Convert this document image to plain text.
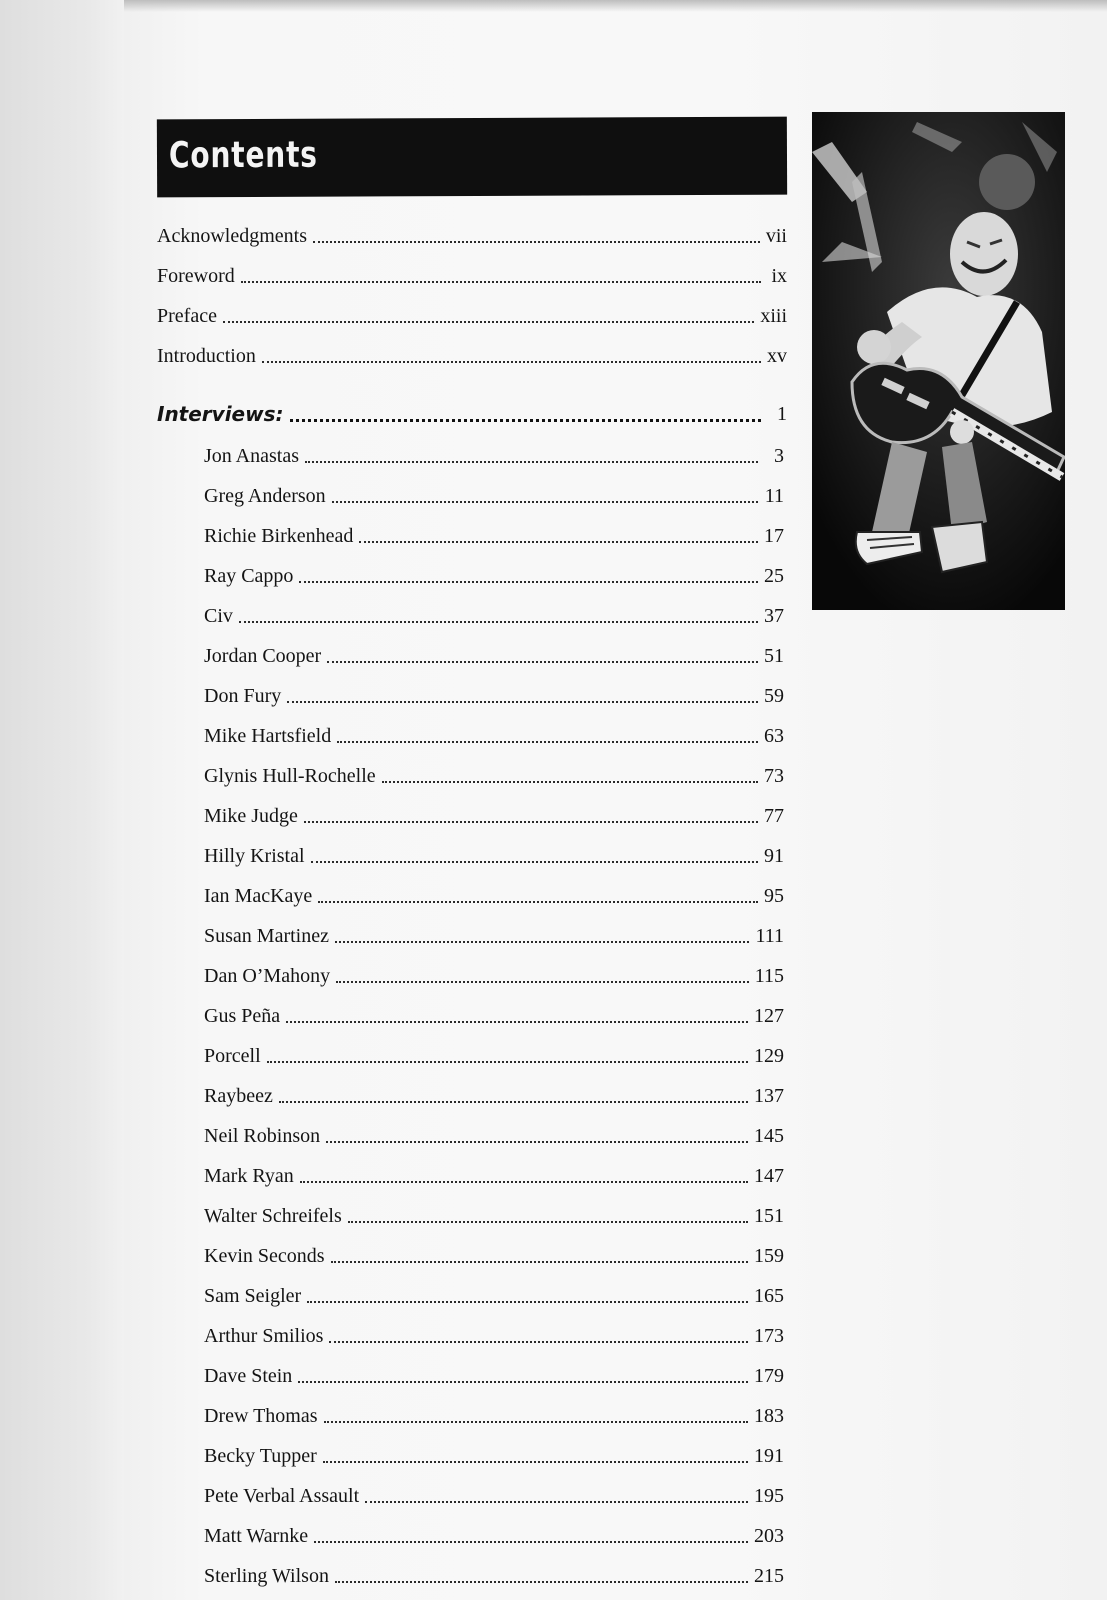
Contents
Acknowledgments	vii
Foreword	ix
Preface	xiii
Introduction	xv
Interviews:	1
Jon Anastas	3
Greg Anderson	11
Richie Birkenhead	17
Ray Cappo	25
Civ	37
Jordan Cooper	51
Don Fury	59
Mike Hartsfield	63
Glynis Hull-Rochelle	73
Mike Judge	77
Hilly Kristal	91
Ian MacKaye	95
Susan Martinez	111
Dan O’Mahony	115
Gus Peña	127
Porcell	129
Raybeez	137
Neil Robinson	145
Mark Ryan	147
Walter Schreifels	151
Kevin Seconds	159
Sam Seigler	165
Arthur Smilios	173
Dave Stein	179
Drew Thomas	183
Becky Tupper	191
Pete Verbal Assault	195
Matt Warnke	203
Sterling Wilson	215
